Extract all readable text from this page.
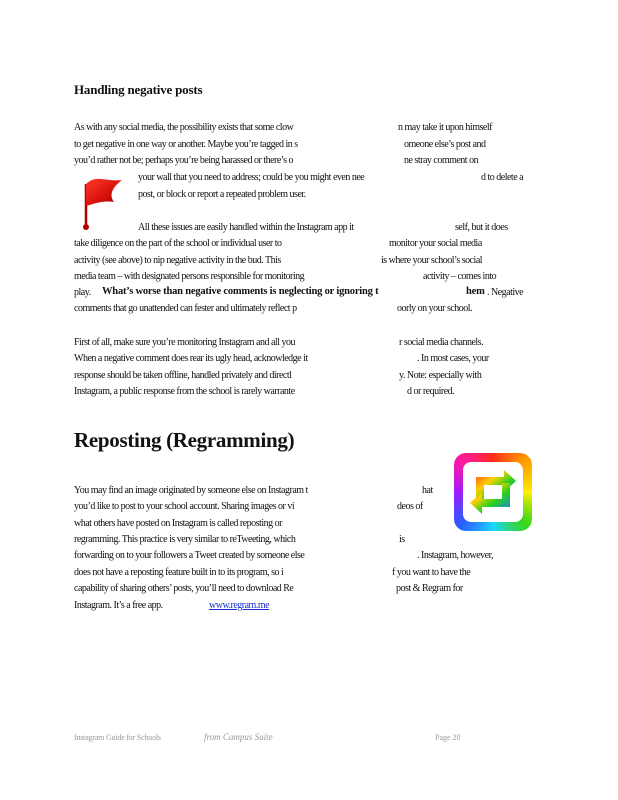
Handling negative posts
As with any social media, the possibility exists that some clow	n may take it upon himself
to get negative in one way or another. Maybe you’re tagged in s	omeone else’s post and
you’d rather not be; perhaps you’re being harassed or there’s o	ne stray comment on
your wall that you need to address; could be you might even nee	d to delete a
post, or block or report a repeated problem user.
All these issues are easily handled within the Instagram app it	self, but it does
take diligence on the part of the school or individual user to	monitor your social media
activity (see above) to nip negative activity in the bud. This	is where your school’s social
media team – with designated persons responsible for monitoring	activity – comes into
play. What’s worse than negative comments is neglecting or ignoring t	hem . Negative
comments that go unattended can fester and ultimately reflect p	oorly on your school.
First of all, make sure you’re monitoring Instagram and all you	r social media channels.
When a negative comment does rear its ugly head, acknowledge it	. In most cases, your
response should be taken offline, handled privately and directl	y. Note: especially with
Instagram, a public response from the school is rarely warrante	d or required.
Reposting (Regramming)
You may find an image originated by someone else on Instagram t	hat
you’d like to post to your school account. Sharing images or vi	deos of
what others have posted on Instagram is called reposting or
regramming. This practice is very similar to reTweeting, which	is
forwarding on to your followers a Tweet created by someone else	. Instagram, however,
does not have a reposting feature built in to its program, so i	f you want to have the
capability of sharing others’ posts, you’ll need to download Re	post & Regram for
Instagram. It’s a free app.	www.regram.me
Instagram Guide for Schools	from Campus Suite	Page 20
